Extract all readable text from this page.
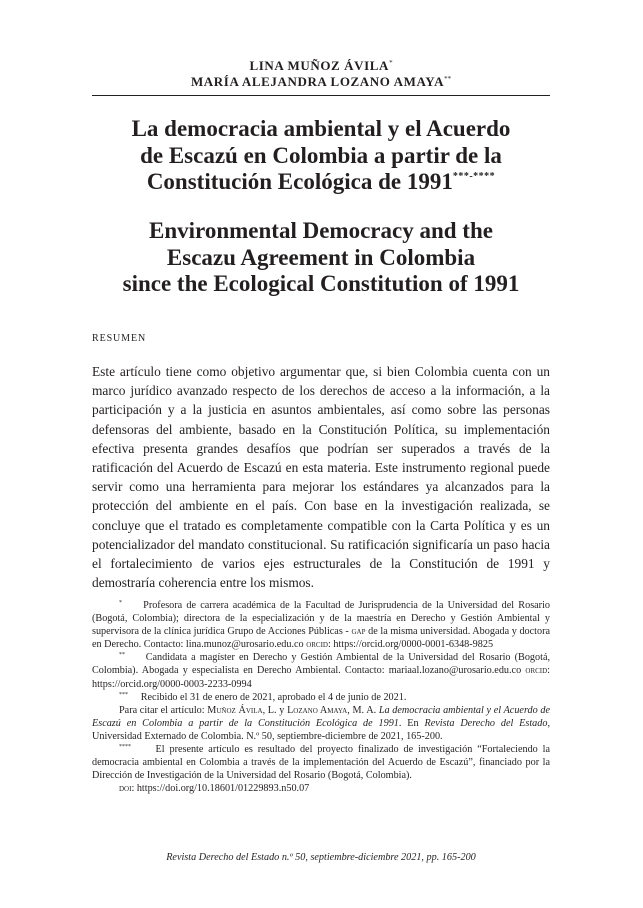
LINA MUÑOZ ÁVILA*
MARÍA ALEJANDRA LOZANO AMAYA**
La democracia ambiental y el Acuerdo
de Escazú en Colombia a partir de la
Constitución Ecológica de 1991***-****
Environmental Democracy and the
Escazu Agreement in Colombia
since the Ecological Constitution of 1991
RESUMEN

Este artículo tiene como objetivo argumentar que, si bien Colombia cuenta con un marco jurídico avanzado respecto de los derechos de acceso a la información, a la participación y a la justicia en asuntos ambientales, así como sobre las personas defensoras del ambiente, basado en la Constitución Política, su implementación efectiva presenta grandes desafíos que podrían ser superados a través de la ratificación del Acuerdo de Escazú en esta materia. Este instrumento regional puede servir como una herramienta para mejorar los estándares ya alcanzados para la protección del ambiente en el país. Con base en la investigación realizada, se concluye que el tratado es completamente compatible con la Carta Política y es un potencializador del mandato constitucional. Su ratificación significaría un paso hacia el fortalecimiento de varios ejes estructurales de la Constitución de 1991 y demostraría coherencia entre los mismos.

* Profesora de carrera académica de la Facultad de Jurisprudencia de la Universidad del Rosario (Bogotá, Colombia); directora de la especialización y de la maestría en Derecho y Gestión Ambiental y supervisora de la clínica jurídica Grupo de Acciones Públicas - gap de la misma universidad. Abogada y doctora en Derecho. Contacto: lina.munoz@urosario.edu.co orcid: https://orcid.org/0000-0001-6348-9825

** Candidata a magíster en Derecho y Gestión Ambiental de la Universidad del Rosario (Bogotá, Colombia). Abogada y especialista en Derecho Ambiental. Contacto: mariaal.lozano@urosario.edu.co orcid: https://orcid.org/0000-0003-2233-0994

*** Recibido el 31 de enero de 2021, aprobado el 4 de junio de 2021.

Para citar el artículo: Muñoz Ávila, L. y Lozano Amaya, M. A. La democracia ambiental y el Acuerdo de Escazú en Colombia a partir de la Constitución Ecológica de 1991. En Revista Derecho del Estado, Universidad Externado de Colombia. N.º 50, septiembre-diciembre de 2021, 165-200.

**** El presente artículo es resultado del proyecto finalizado de investigación “Fortaleciendo la democracia ambiental en Colombia a través de la implementación del Acuerdo de Escazú”, financiado por la Dirección de Investigación de la Universidad del Rosario (Bogotá, Colombia).

doi: https://doi.org/10.18601/01229893.n50.07

Revista Derecho del Estado n.º 50, septiembre-diciembre 2021, pp. 165-200
